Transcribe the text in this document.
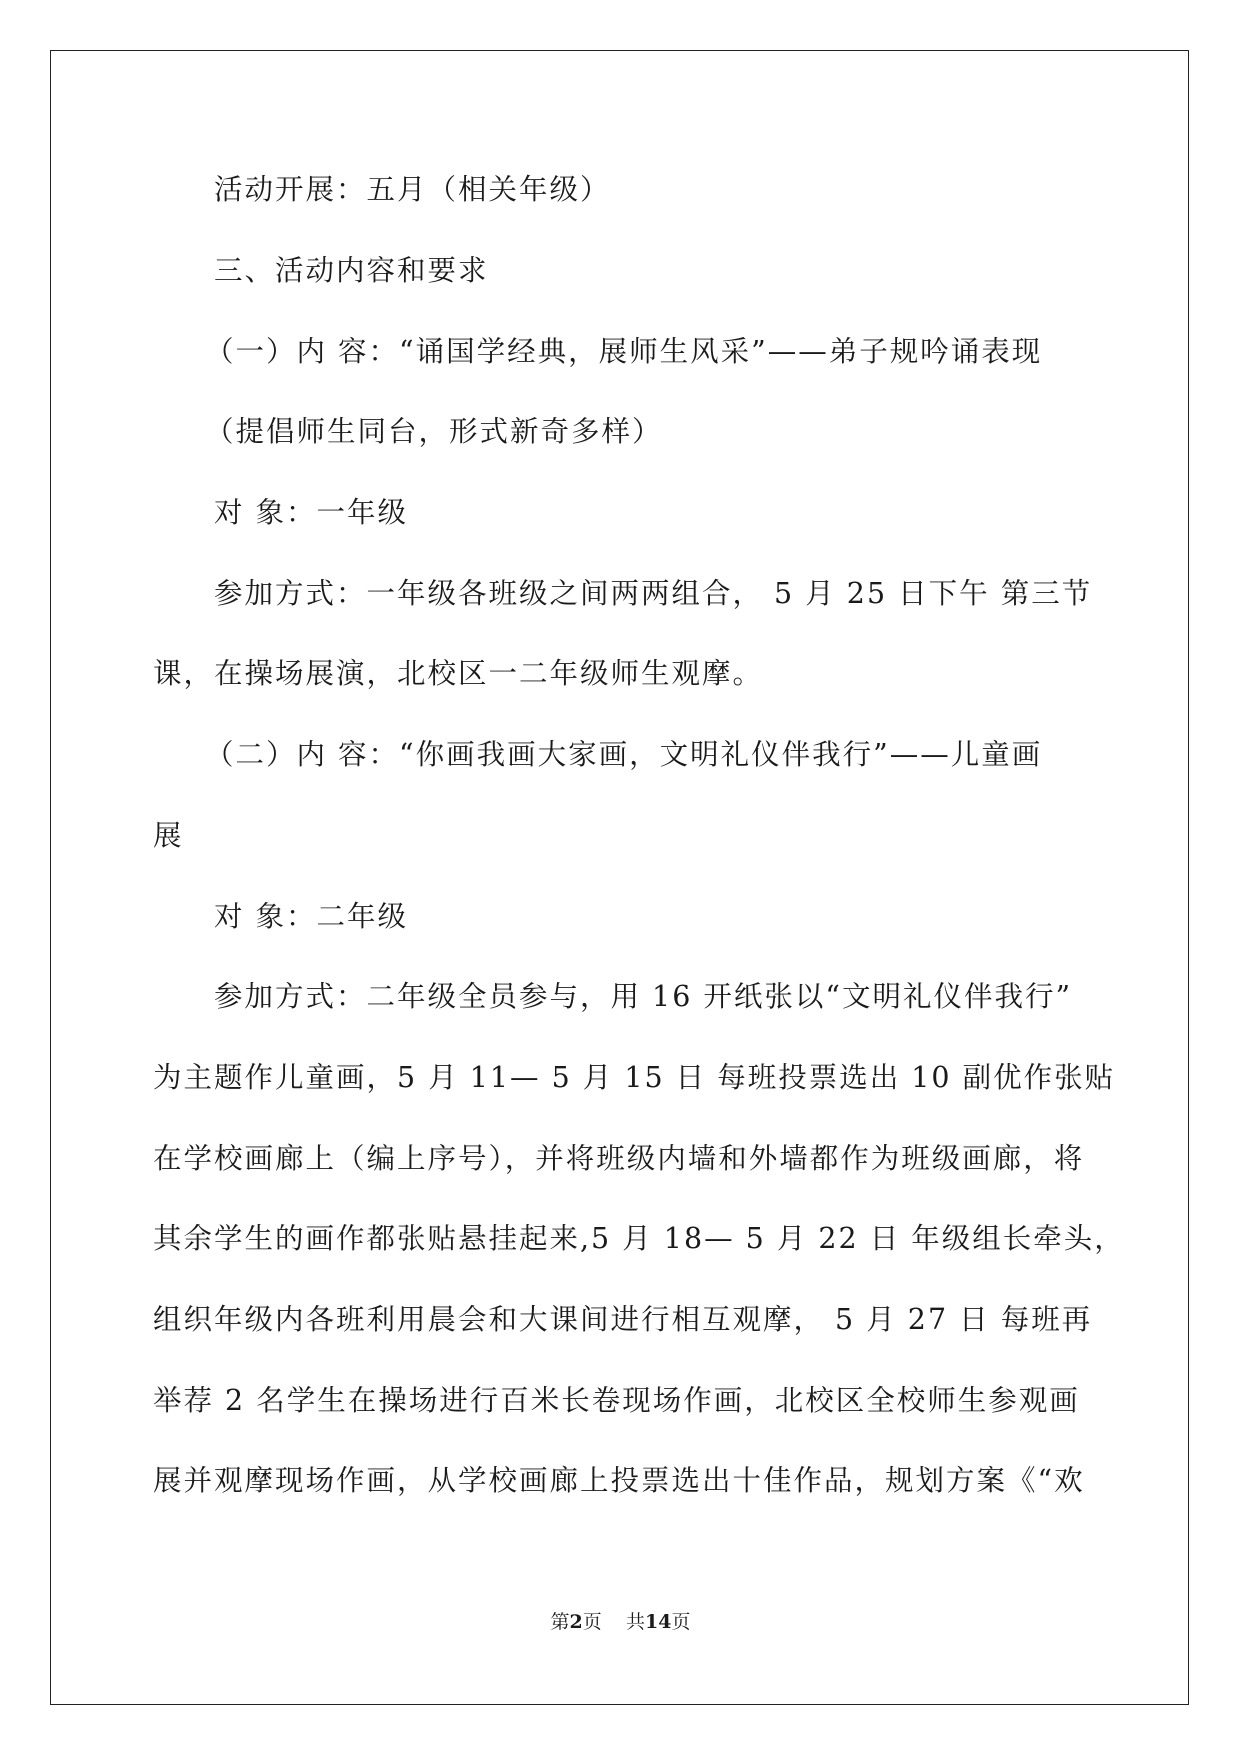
活动开展：五月（相关年级）
三、活动内容和要求
（一）内 容：“诵国学经典，展师生风采”——弟子规吟诵表现
（提倡师生同台，形式新奇多样）
对 象：一年级
参加方式：一年级各班级之间两两组合， 5 月 25 日下午 第三节
课，在操场展演，北校区一二年级师生观摩。
（二）内 容：“你画我画大家画，文明礼仪伴我行”——儿童画
展
对 象：二年级
参加方式：二年级全员参与，用 16 开纸张以“文明礼仪伴我行”
为主题作儿童画，5 月 11— 5 月 15 日 每班投票选出 10 副优作张贴
在学校画廊上（编上序号），并将班级内墙和外墙都作为班级画廊，将
其余学生的画作都张贴悬挂起来,5 月 18— 5 月 22 日 年级组长牵头，
组织年级内各班利用晨会和大课间进行相互观摩， 5 月 27 日 每班再
举荐 2 名学生在操场进行百米长卷现场作画，北校区全校师生参观画
展并观摩现场作画，从学校画廊上投票选出十佳作品，规划方案《“欢
第2页 共14页
